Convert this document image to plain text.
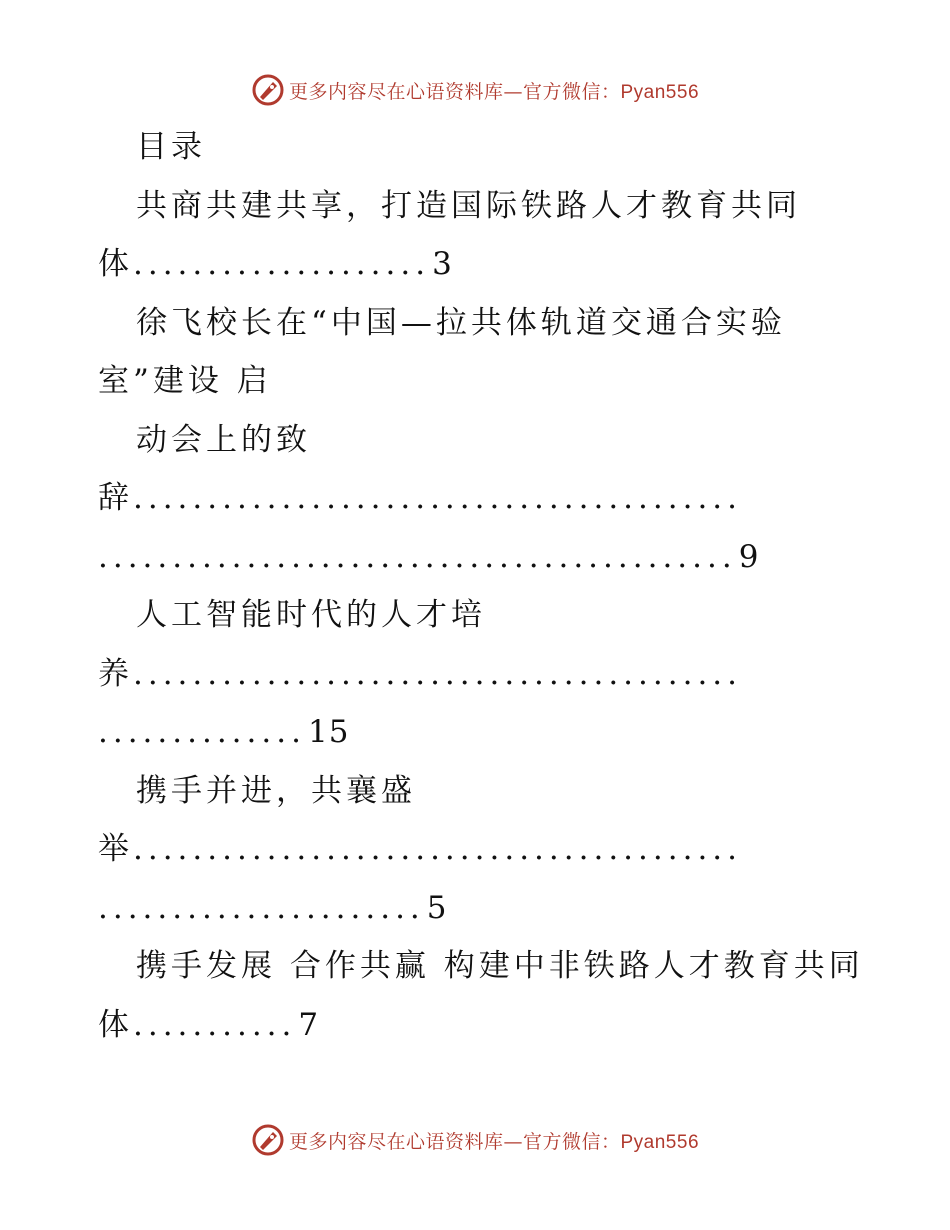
更多内容尽在心语资料库—官方微信：Pyan556
目录
共商共建共享，打造国际铁路人才教育共同
体....................3
徐飞校长在“中国—拉共体轨道交通合实验
室”建设 启
动会上的致
辞.........................................
...........................................9
人工智能时代的人才培
养.........................................
..............15
携手并进，共襄盛
举.........................................
......................5
携手发展 合作共赢 构建中非铁路人才教育共同
体...........7
更多内容尽在心语资料库—官方微信：Pyan556
